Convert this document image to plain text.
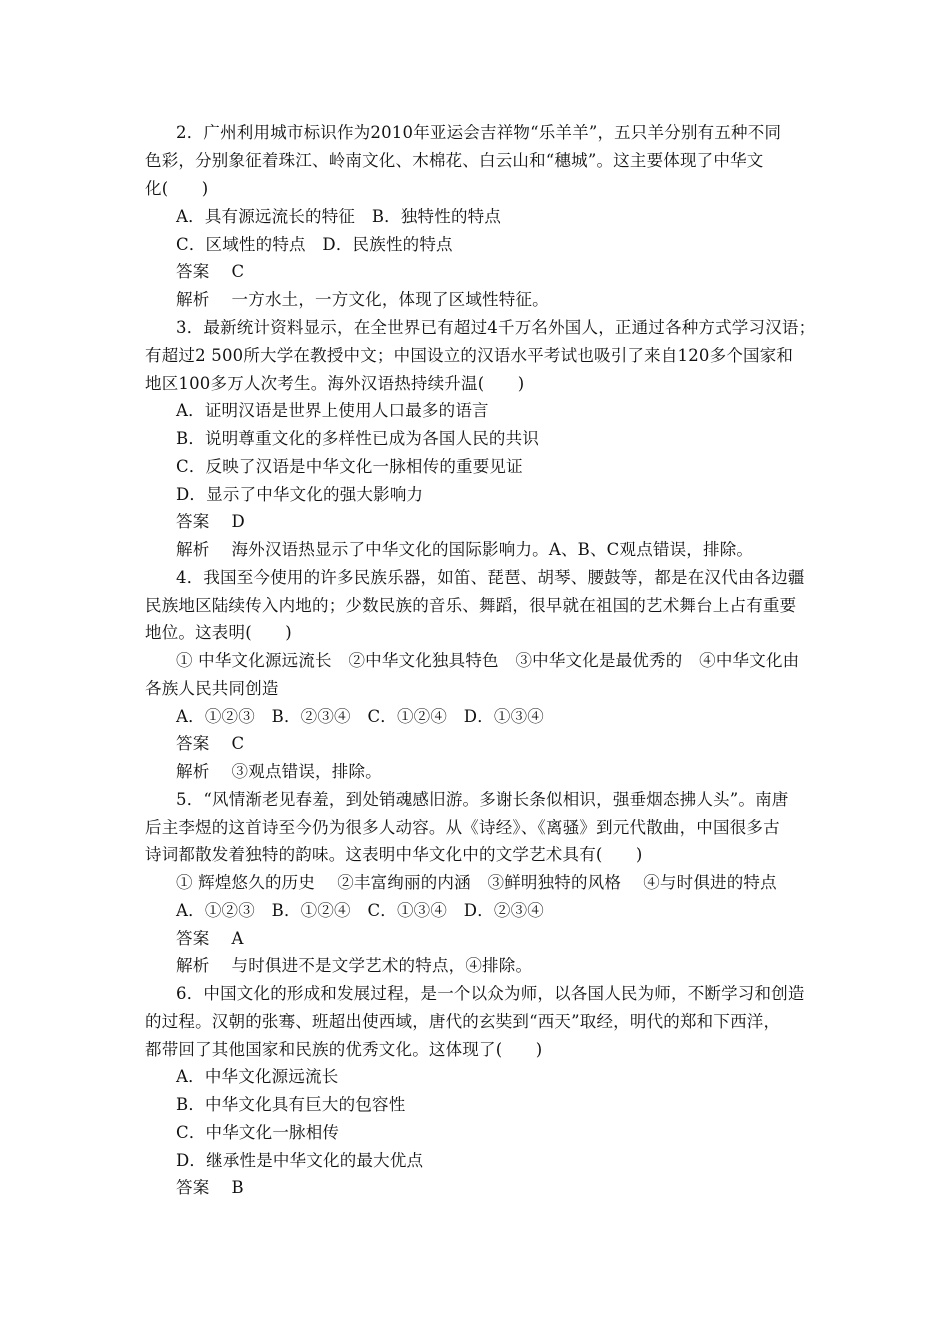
2．广州利用城市标识作为2010年亚运会吉祥物“乐羊羊”，五只羊分别有五种不同
色彩，分别象征着珠江、岭南文化、木棉花、白云山和“穗城”。这主要体现了中华文
化(　　)
A．具有源远流长的特征　B．独特性的特点
C．区域性的特点　D．民族性的特点
答案　 C
解析　 一方水土，一方文化，体现了区域性特征。
3．最新统计资料显示，在全世界已有超过4千万名外国人，正通过各种方式学习汉语；
有超过2 500所大学在教授中文；中国设立的汉语水平考试也吸引了来自120多个国家和
地区100多万人次考生。海外汉语热持续升温(　　)
A．证明汉语是世界上使用人口最多的语言
B．说明尊重文化的多样性已成为各国人民的共识
C．反映了汉语是中华文化一脉相传的重要见证
D．显示了中华文化的强大影响力
答案　 D
解析　 海外汉语热显示了中华文化的国际影响力。A、B、C观点错误，排除。
4．我国至今使用的许多民族乐器，如笛、琵琶、胡琴、腰鼓等，都是在汉代由各边疆
民族地区陆续传入内地的；少数民族的音乐、舞蹈，很早就在祖国的艺术舞台上占有重要
地位。这表明(　　)
① 中华文化源远流长　②中华文化独具特色　③中华文化是最优秀的　④中华文化由
各族人民共同创造
A．①②③　B．②③④　C．①②④　D．①③④
答案　 C
解析　 ③观点错误，排除。
5．“风情渐老见春羞，到处销魂感旧游。多谢长条似相识，强垂烟态拂人头”。南唐
后主李煜的这首诗至今仍为很多人动容。从《诗经》、《离骚》到元代散曲，中国很多古
诗词都散发着独特的韵味。这表明中华文化中的文学艺术具有(　　)
① 辉煌悠久的历史　 ②丰富绚丽的内涵　③鲜明独特的风格　 ④与时俱进的特点
A．①②③　B．①②④　C．①③④　D．②③④
答案　 A
解析　 与时俱进不是文学艺术的特点，④排除。
6．中国文化的形成和发展过程，是一个以众为师，以各国人民为师，不断学习和创造
的过程。汉朝的张骞、班超出使西域，唐代的玄奘到“西天”取经，明代的郑和下西洋，
都带回了其他国家和民族的优秀文化。这体现了(　　)
A．中华文化源远流长
B．中华文化具有巨大的包容性
C．中华文化一脉相传
D．继承性是中华文化的最大优点
答案　 B
